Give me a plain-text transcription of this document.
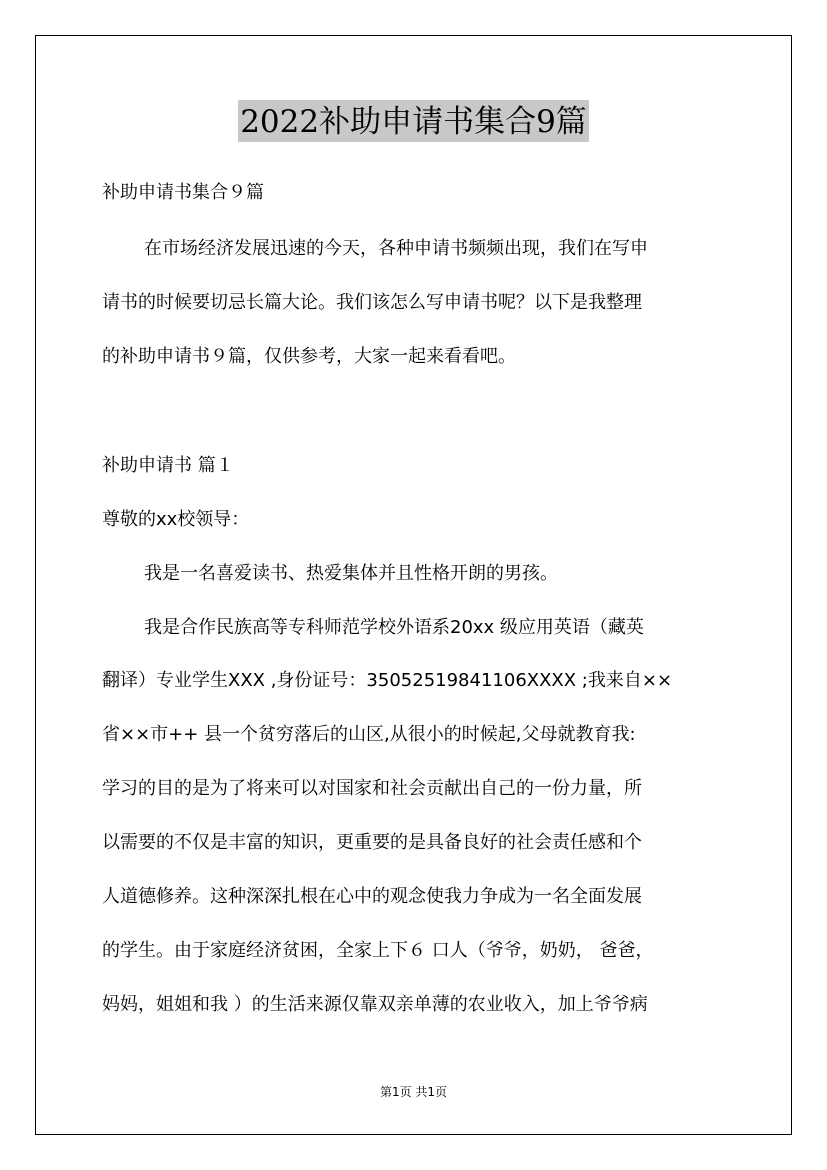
2022补助申请书集合9篇
补助申请书集合９篇
在市场经济发展迅速的今天，各种申请书频频出现，我们在写申
请书的时候要切忌长篇大论。我们该怎么写申请书呢？以下是我整理
的补助申请书９篇，仅供参考，大家一起来看看吧。
补助申请书 篇１
尊敬的xx校领导：
我是一名喜爱读书、热爱集体并且性格开朗的男孩。
我是合作民族高等专科师范学校外语系20xx 级应用英语（藏英
翻译）专业学生XXX ,身份证号：35052519841106XXXX ;我来自××
省××市++ 县一个贫穷落后的山区,从很小的时候起,父母就教育我:
学习的目的是为了将来可以对国家和社会贡献出自己的一份力量，所
以需要的不仅是丰富的知识，更重要的是具备良好的社会责任感和个
人道德修养。这种深深扎根在心中的观念使我力争成为一名全面发展
的学生。由于家庭经济贫困，全家上下６ 口人（爷爷，奶奶， 爸爸，
妈妈，姐姐和我 ）的生活来源仅靠双亲单薄的农业收入，加上爷爷病
第1页 共1页
